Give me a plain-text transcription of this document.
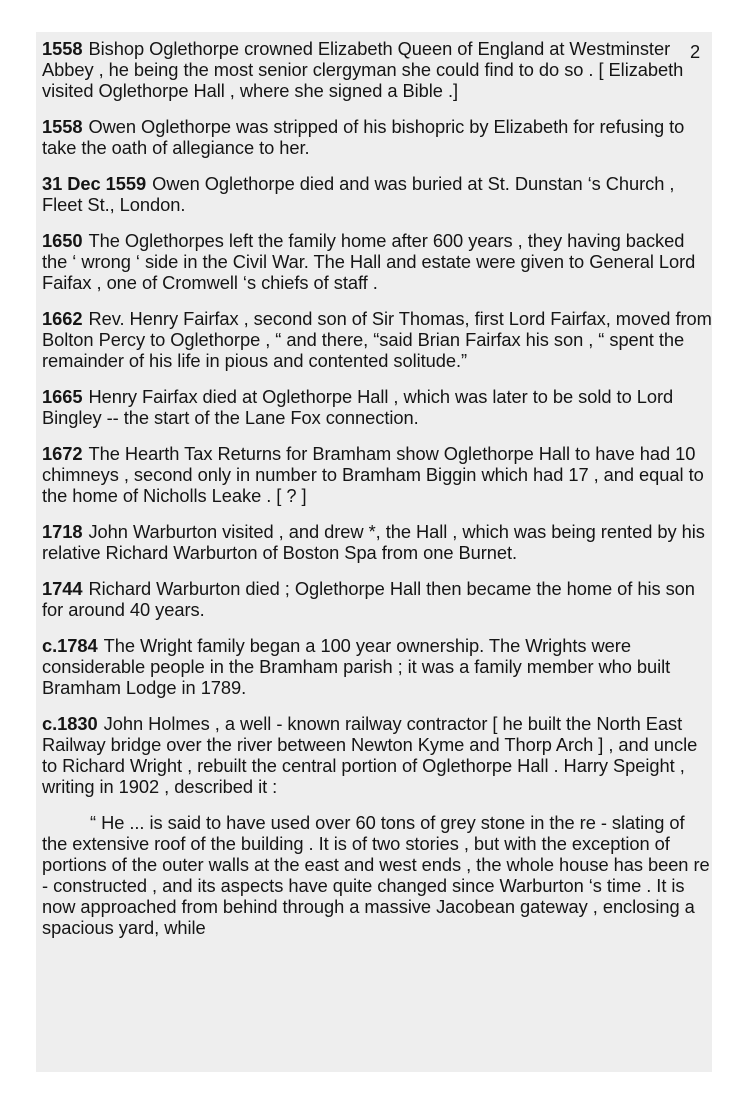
2

1558 Bishop Oglethorpe crowned Elizabeth Queen of England at Westminster Abbey , he being the most senior clergyman she could find to do so . [ Elizabeth visited Oglethorpe Hall , where she signed a Bible .]

1558 Owen Oglethorpe was stripped of his bishopric by Elizabeth for refusing to take the oath of allegiance to her.

31 Dec 1559 Owen Oglethorpe died and was buried at St. Dunstan ‘s Church , Fleet St., London.

1650 The Oglethorpes left the family home after 600 years , they having backed the ‘ wrong ‘ side in the Civil War. The Hall and estate were given to General Lord Faifax , one of Cromwell ‘s chiefs of staff .

1662 Rev. Henry Fairfax , second son of Sir Thomas, first Lord Fairfax, moved from Bolton Percy to Oglethorpe , “ and there, “said Brian Fairfax his son , “ spent the remainder of his life in pious and contented solitude.”

1665 Henry Fairfax died at Oglethorpe Hall , which was later to be sold to Lord Bingley -- the start of the Lane Fox connection.

1672 The Hearth Tax Returns for Bramham show Oglethorpe Hall to have had 10 chimneys , second only in number to Bramham Biggin which had 17 , and equal to the home of Nicholls Leake . [ ? ]

1718 John Warburton visited , and drew *, the Hall , which was being rented by his relative Richard Warburton of Boston Spa from one Burnet.

1744 Richard Warburton died ; Oglethorpe Hall then became the home of his son for around 40 years.

c.1784 The Wright family began a 100 year ownership. The Wrights were considerable people in the Bramham parish ; it was a family member who built Bramham Lodge in 1789.

c.1830 John Holmes , a well - known railway contractor [ he built the North East Railway bridge over the river between Newton Kyme and Thorp Arch ] , and uncle to Richard Wright , rebuilt the central portion of Oglethorpe Hall . Harry Speight , writing in 1902 , described it :

“ He ... is said to have used over 60 tons of grey stone in the re - slating of the extensive roof of the building . It is of two stories , but with the exception of portions of the outer walls at the east and west ends , the whole house has been re - constructed , and its aspects have quite changed since Warburton ‘s time . It is now approached from behind through a massive Jacobean gateway , enclosing a spacious yard, while
